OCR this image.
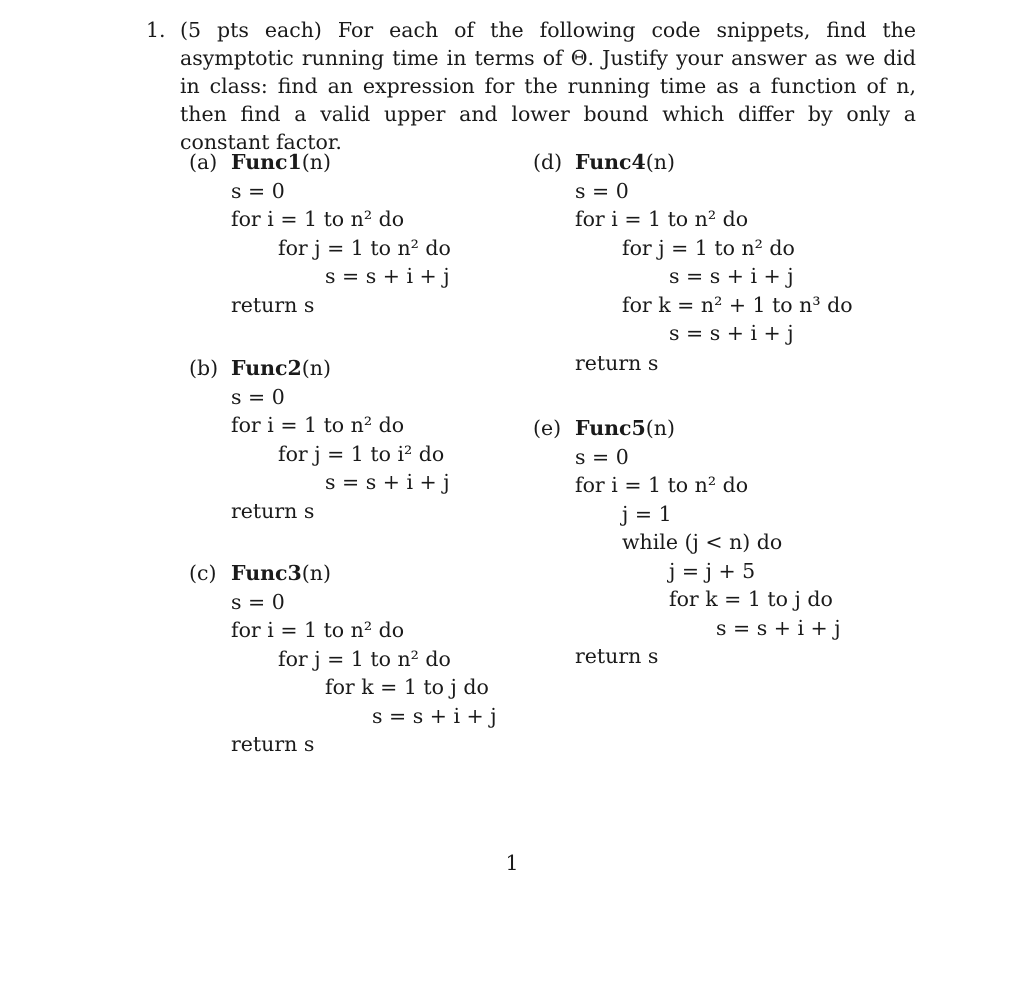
1. (5 pts each) For each of the following code snippets, find the asymptotic running time in terms of Θ. Justify your answer as we did in class: find an expression for the running time as a function of n, then find a valid upper and lower bound which differ by only a constant factor.
(a) Func1(n)
s = 0
for i = 1 to n² do
for j = 1 to n² do
s = s + i + j
return s
(b) Func2(n)
s = 0
for i = 1 to n² do
for j = 1 to i² do
s = s + i + j
return s
(c) Func3(n)
s = 0
for i = 1 to n² do
for j = 1 to n² do
for k = 1 to j do
s = s + i + j
return s
(d) Func4(n)
s = 0
for i = 1 to n² do
for j = 1 to n² do
s = s + i + j
for k = n² + 1 to n³ do
s = s + i + j
return s
(e) Func5(n)
s = 0
for i = 1 to n² do
j = 1
while (j < n) do
j = j + 5
for k = 1 to j do
s = s + i + j
return s
1
